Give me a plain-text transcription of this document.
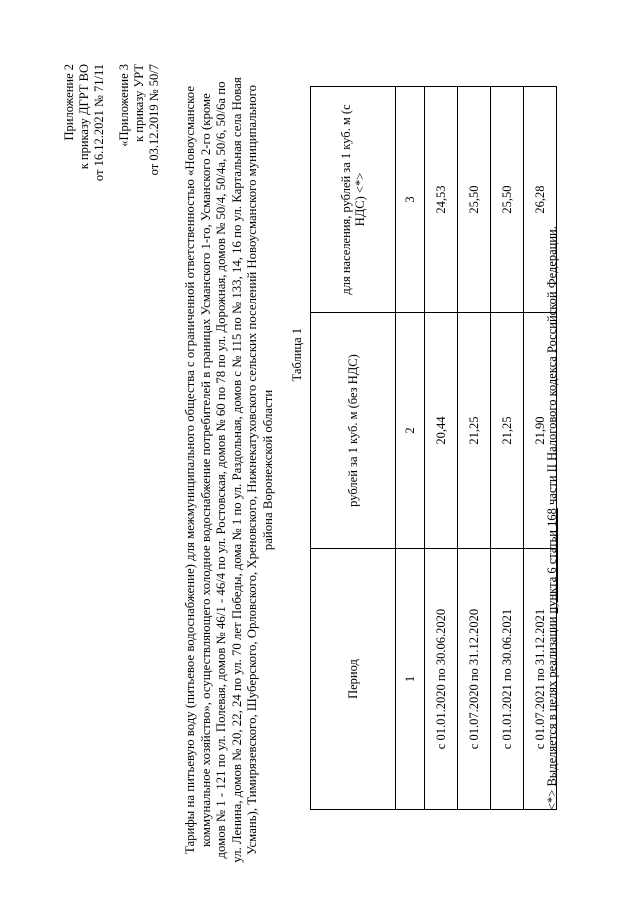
Приложение 2 к приказу ДГРТ ВО от 16.12.2021 № 71/11 «Приложение 3 к приказу УРТ от 03.12.2019 № 50/7 Тарифы на питьевую воду (питьевое водоснабжение) для межмуниципального общества с ограниченной ответственностью «Новоусманское коммунальное хозяйство», осуществляющего холодное водоснабжение потребителей в границах Усманского 1-го, Усманского 2-го (кроме домов № 1 - 121 по ул. Полевая, домов № 46/1 - 46/4 по ул. Ростовская, домов № 60 по 78 по ул. Дорожная, домов № 50/4, 50/4а, 50/6, 50/6а по ул. Ленина, домов № 20, 22, 24 по ул. 70 лет Победы, дома № 1 по ул. Раздольная, домов с № 115 по № 133, 14, 16 по ул. Картальная села Новая Усмань), Тимирязевского, Шуберского, Орловского, Хреновского, Нижнекатуховского сельских поселений Новоусманского муниципального района Воронежской области
Таблица 1
Период	рублей за 1 куб. м (без НДС)	для населения, рублей за 1 куб. м (с НДС) <*>
1	2	3
с 01.01.2020 по 30.06.2020	20,44	24,53
с 01.07.2020 по 31.12.2020	21,25	25,50
с 01.01.2021 по 30.06.2021	21,25	25,50
с 01.07.2021 по 31.12.2021	21,90	26,28
<*> Выделяется в целях реализации пункта 6 статьи 168 части II Налогового кодекса Российской Федерации.
